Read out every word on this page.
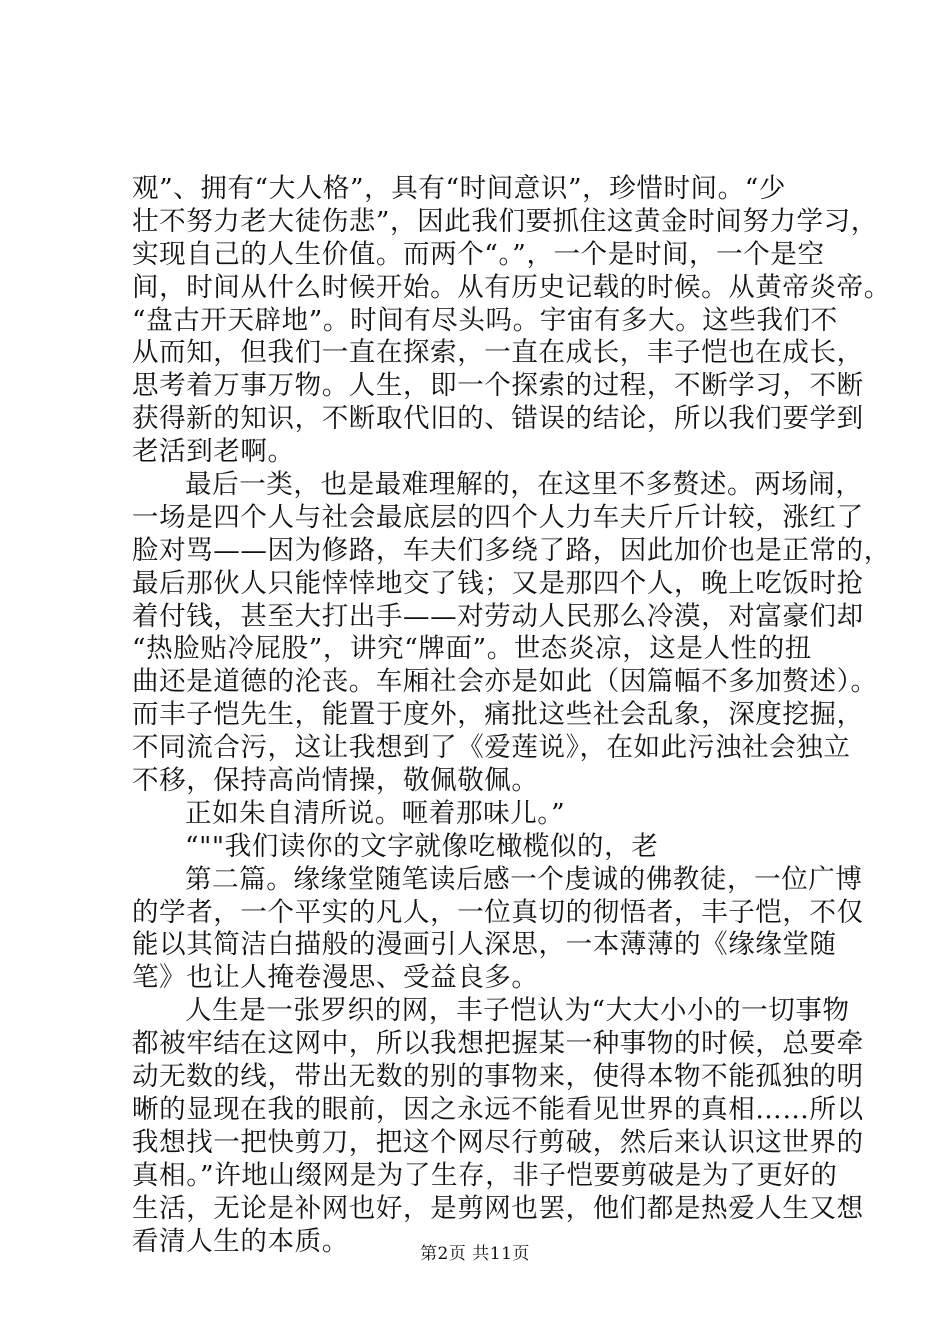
观”、拥有“大人格”，具有“时间意识”，珍惜时间。“少
壮不努力老大徒伤悲”，因此我们要抓住这黄金时间努力学习，
实现自己的人生价值。而两个“。”，一个是时间，一个是空
间，时间从什么时候开始。从有历史记载的时候。从黄帝炎帝。
“盘古开天辟地”。时间有尽头吗。宇宙有多大。这些我们不
从而知，但我们一直在探索，一直在成长，丰子恺也在成长，
思考着万事万物。人生，即一个探索的过程，不断学习，不断
获得新的知识，不断取代旧的、错误的结论，所以我们要学到
老活到老啊。
最后一类，也是最难理解的，在这里不多赘述。两场闹，
一场是四个人与社会最底层的四个人力车夫斤斤计较，涨红了
脸对骂——因为修路，车夫们多绕了路，因此加价也是正常的，
最后那伙人只能悻悻地交了钱；又是那四个人，晚上吃饭时抢
着付钱，甚至大打出手——对劳动人民那么冷漠，对富豪们却
“热脸贴冷屁股”，讲究“牌面”。世态炎凉，这是人性的扭
曲还是道德的沦丧。车厢社会亦是如此（因篇幅不多加赘述）。
而丰子恺先生，能置于度外，痛批这些社会乱象，深度挖掘，
不同流合污，这让我想到了《爱莲说》，在如此污浊社会独立
不移，保持高尚情操，敬佩敬佩。
正如朱自清所说。咂着那味儿。”
“""我们读你的文字就像吃橄榄似的，老
第二篇。缘缘堂随笔读后感一个虔诚的佛教徒，一位广博
的学者，一个平实的凡人，一位真切的彻悟者，丰子恺，不仅
能以其简洁白描般的漫画引人深思，一本薄薄的《缘缘堂随
笔》也让人掩卷漫思、受益良多。
人生是一张罗织的网，丰子恺认为“大大小小的一切事物
都被牢结在这网中，所以我想把握某一种事物的时候，总要牵
动无数的线，带出无数的别的事物来，使得本物不能孤独的明
晰的显现在我的眼前，因之永远不能看见世界的真相……所以
我想找一把快剪刀，把这个网尽行剪破，然后来认识这世界的
真相。”许地山缀网是为了生存，非子恺要剪破是为了更好的
生活，无论是补网也好，是剪网也罢，他们都是热爱人生又想
看清人生的本质。	第2页 共11页
